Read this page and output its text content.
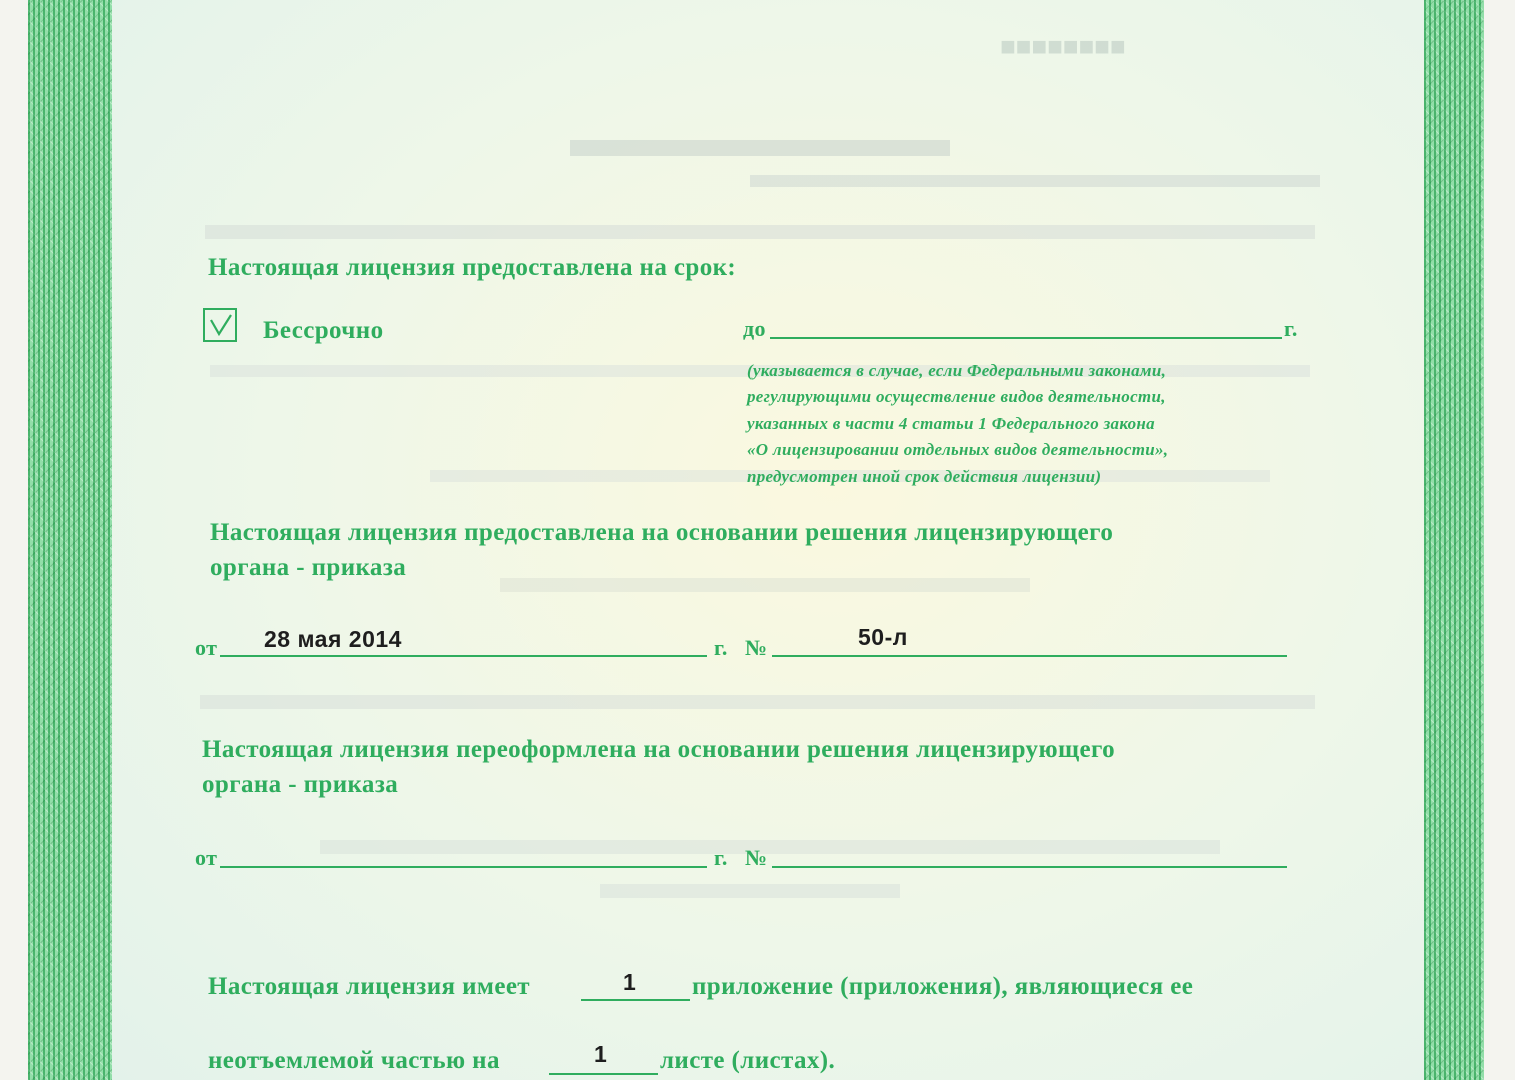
■■■■■■■■
Настоящая лицензия предоставлена на срок:
Бессрочно	до	г.
(указывается в случае, если Федеральными законами,
регулирующими осуществление видов деятельности,
указанных в части 4 статьи 1 Федерального закона
«О лицензировании отдельных видов деятельности»,
предусмотрен иной срок действия лицензии)
Настоящая лицензия предоставлена на основании решения лицензирующего
органа - приказа
от 28 мая 2014	г. №	50-л
Настоящая лицензия переоформлена на основании решения лицензирующего
органа - приказа
от	г. №
Настоящая лицензия имеет	1 приложение (приложения), являющиеся ее
неотъемлемой частью на	1 листе (листах).
